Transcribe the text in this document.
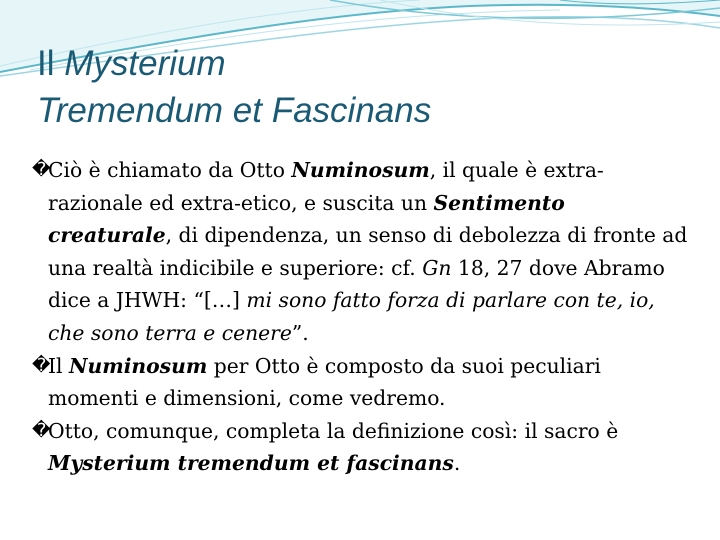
Il Mysterium
Tremendum et Fascinans
�
Ciò è chiamato da Otto Numinosum, il quale è extra-razionale ed extra-etico, e suscita un Sentimento creaturale, di dipendenza, un senso di debolezza di fronte ad una realtà indicibile e superiore: cf. Gn 18, 27 dove Abramo dice a JHWH: “[…] mi sono fatto forza di parlare con te, io, che sono terra e cenere”.
�
Il Numinosum per Otto è composto da suoi peculiari momenti e dimensioni, come vedremo.
�
Otto, comunque, completa la definizione così: il sacro è Mysterium tremendum et fascinans.
